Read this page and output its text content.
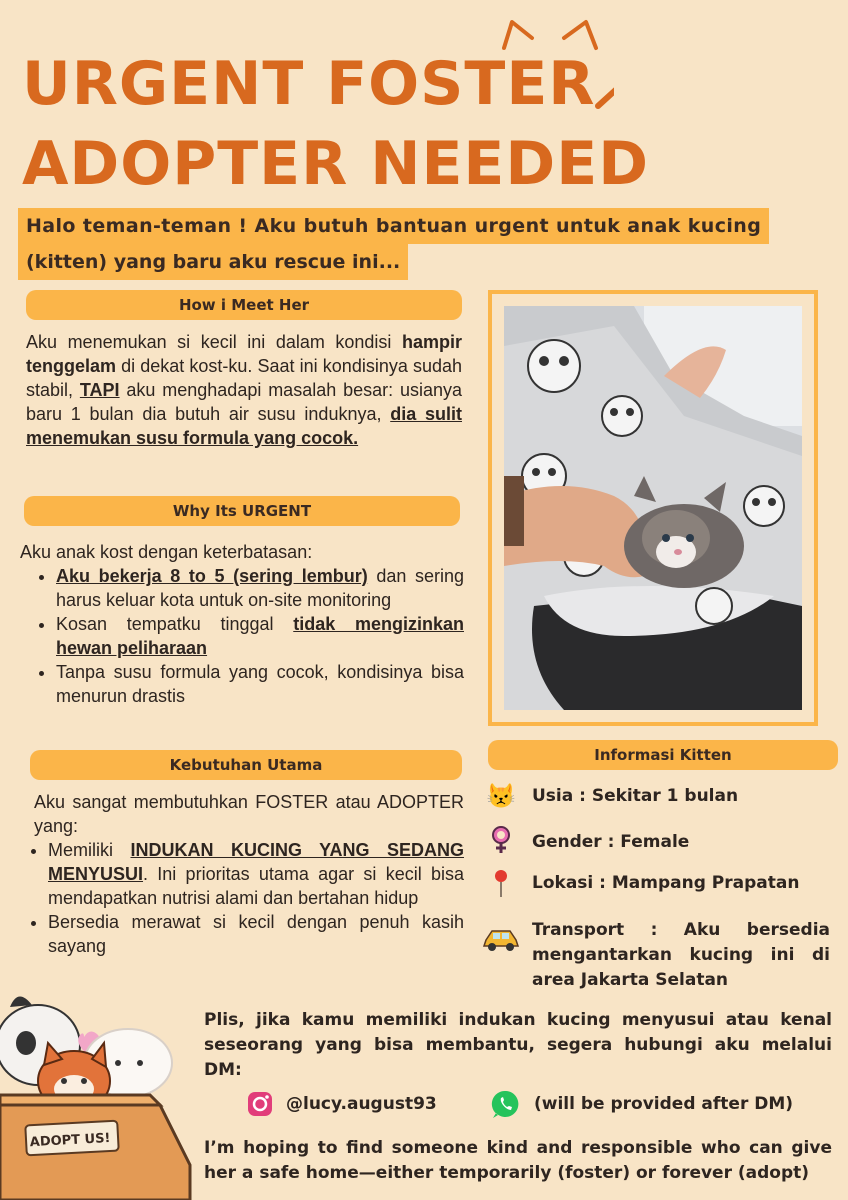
URGENT FOSTER
ADOPTER NEEDED
Halo teman-teman ! Aku butuh bantuan urgent untuk anak kucing
(kitten) yang baru aku rescue ini...
How i Meet Her
Aku menemukan si kecil ini dalam kondisi hampir tenggelam di dekat kost-ku. Saat ini kondisinya sudah stabil, TAPI aku menghadapi masalah besar: usianya baru 1 bulan dia butuh air susu induknya, dia sulit menemukan susu formula yang cocok.
Why Its URGENT
Aku anak kost dengan keterbatasan:
• Aku bekerja 8 to 5 (sering lembur) dan sering harus keluar kota untuk on-site monitoring
• Kosan tempatku tinggal tidak mengizinkan hewan peliharaan
• Tanpa susu formula yang cocok, kondisinya bisa menurun drastis
Kebutuhan Utama
Aku sangat membutuhkan FOSTER atau ADOPTER yang:
• Memiliki INDUKAN KUCING YANG SEDANG MENYUSUI. Ini prioritas utama agar si kecil bisa mendapatkan nutrisi alami dan bertahan hidup
• Bersedia merawat si kecil dengan penuh kasih sayang
Informasi Kitten
😾 Usia : Sekitar 1 bulan
Gender : Female
Lokasi : Mampang Prapatan
Transport : Aku bersedia mengantarkan kucing ini di area Jakarta Selatan
Plis, jika kamu memiliki indukan kucing menyusui atau kenal seseorang yang bisa membantu, segera hubungi aku melalui DM:
@lucy.august93	(will be provided after DM)
I’m hoping to find someone kind and responsible who can give her a safe home—either temporarily (foster) or forever (adopt)
ADOPT US!
